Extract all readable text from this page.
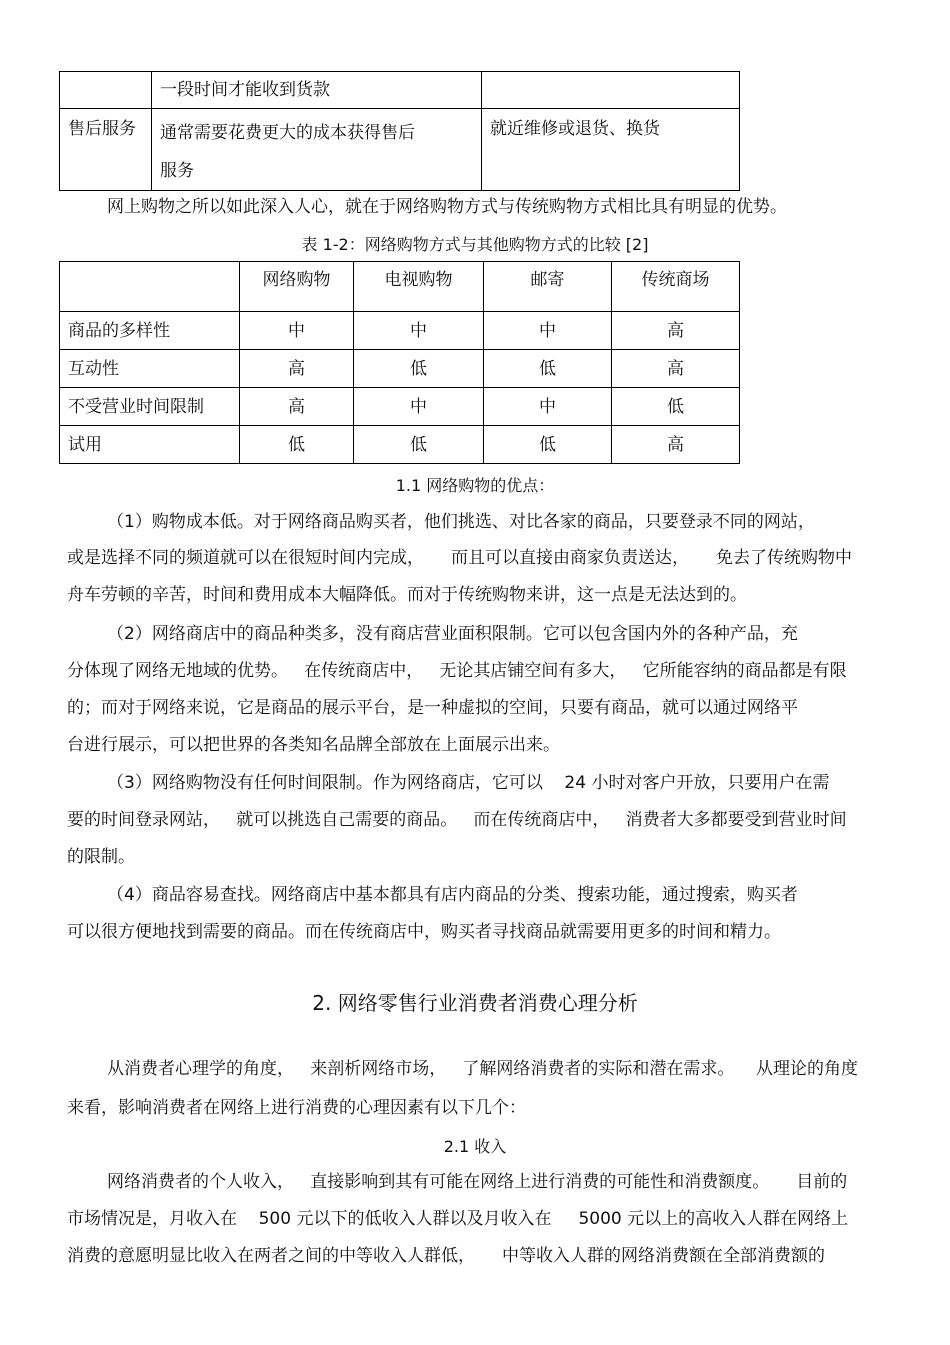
	一段时间才能收到货款	
售后服务	通常需要花费更大的成本获得售后服务	就近维修或退货、换货
网上购物之所以如此深入人心，就在于网络购物方式与传统购物方式相比具有明显的优势。
表 1-2：网络购物方式与其他购物方式的比较 [2]
	网络购物	电视购物	邮寄	传统商场
商品的多样性	中	中	中	高
互动性	高	低	低	高
不受营业时间限制	高	中	中	低
试用	低	低	低	高
1.1 网络购物的优点：
（1）购物成本低。对于网络商品购买者，他们挑选、对比各家的商品，只要登录不同的网站，
或是选择不同的频道就可以在很短时间内完成，     而且可以直接由商家负责送达，     免去了传统购物中
舟车劳顿的辛苦，时间和费用成本大幅降低。而对于传统购物来讲，这一点是无法达到的。
（2）网络商店中的商品种类多，没有商店营业面积限制。它可以包含国内外的各种产品，充
分体现了网络无地域的优势。   在传统商店中，   无论其店铺空间有多大，   它所能容纳的商品都是有限
的；而对于网络来说，它是商品的展示平台，是一种虚拟的空间，只要有商品，就可以通过网络平
台进行展示，可以把世界的各类知名品牌全部放在上面展示出来。
（3）网络购物没有任何时间限制。作为网络商店，它可以    24 小时对客户开放，只要用户在需
要的时间登录网站，   就可以挑选自己需要的商品。   而在传统商店中，   消费者大多都要受到营业时间
的限制。
（4）商品容易查找。网络商店中基本都具有店内商品的分类、搜索功能，通过搜索，购买者
可以很方便地找到需要的商品。而在传统商店中，购买者寻找商品就需要用更多的时间和精力。
2. 网络零售行业消费者消费心理分析
从消费者心理学的角度，   来剖析网络市场，   了解网络消费者的实际和潜在需求。    从理论的角度
来看，影响消费者在网络上进行消费的心理因素有以下几个：
2.1 收入
网络消费者的个人收入，   直接影响到其有可能在网络上进行消费的可能性和消费额度。     目前的
市场情况是，月收入在    500 元以下的低收入人群以及月收入在     5000 元以上的高收入人群在网络上
消费的意愿明显比收入在两者之间的中等收入人群低，     中等收入人群的网络消费额在全部消费额的
